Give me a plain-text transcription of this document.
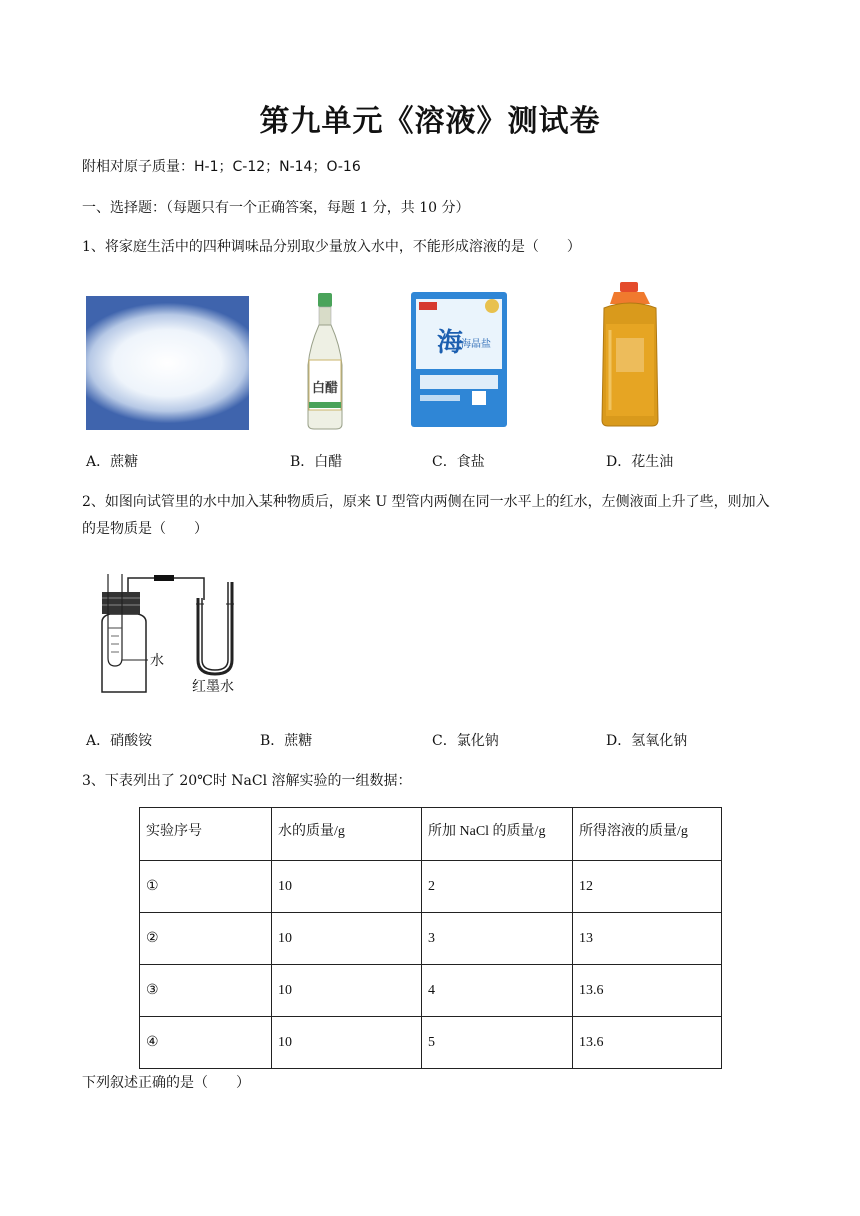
第九单元《溶液》测试卷
附相对原子质量：H-1；C-12；N-14；O-16
一、选择题：（每题只有一个正确答案，每题 1 分，共 10 分）
1、将家庭生活中的四种调味品分别取少量放入水中，不能形成溶液的是（　　）
白醋
海
海晶盐
A．蔗糖	B．白醋	C．食盐	D．花生油
2、如图向试管里的水中加入某种物质后，原来 U 型管内两侧在同一水平上的红水，左侧液面上升了些，则加入的是物质是（　　）
水
红墨水
A．硝酸铵	B．蔗糖	C．氯化钠	D．氢氧化钠
3、下表列出了 20℃时 NaCl 溶解实验的一组数据：
实验序号	水的质量/g	所加 NaCl 的质量/g	所得溶液的质量/g
①	10	2	12
②	10	3	13
③	10	4	13.6
④	10	5	13.6
下列叙述正确的是（　　）
